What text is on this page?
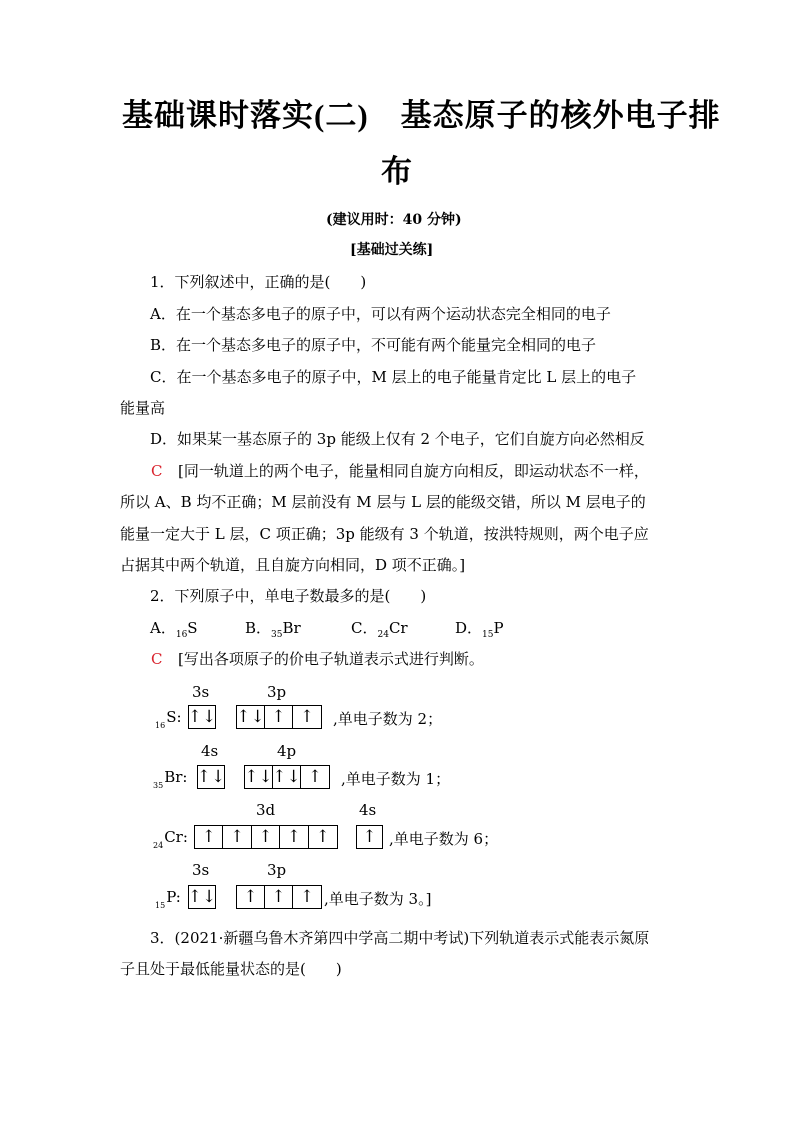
基础课时落实(二)　基态原子的核外电子排
布
(建议用时：40 分钟)
[基础过关练]
1．下列叙述中，正确的是(　　)
A．在一个基态多电子的原子中，可以有两个运动状态完全相同的电子
B．在一个基态多电子的原子中，不可能有两个能量完全相同的电子
C．在一个基态多电子的原子中，M 层上的电子能量肯定比 L 层上的电子
能量高
D．如果某一基态原子的 3p 能级上仅有 2 个电子，它们自旋方向必然相反
C [同一轨道上的两个电子，能量相同自旋方向相反，即运动状态不一样，
所以 A、B 均不正确；M 层前没有 M 层与 L 层的能级交错，所以 M 层电子的
能量一定大于 L 层，C 项正确；3p 能级有 3 个轨道，按洪特规则，两个电子应
占据其中两个轨道，且自旋方向相同，D 项不正确。]
2．下列原子中，单电子数最多的是(　　)
A．$_{16}$S	B．$_{35}$Br	C．$_{24}$Cr	D．$_{15}$P
C [写出各项原子的价电子轨道表示式进行判断。
3s	3p
$_{16}$S: ↑↓ ↑↓ ↑ ↑	,单电子数为 2；
4s	4p
$_{35}$Br: ↑↓ ↑↓ ↑↓ ↑	,单电子数为 1；
3d	4s
$_{24}$Cr: ↑ ↑ ↑ ↑ ↑	↑ ,单电子数为 6；
3s	3p
$_{15}$P: ↑↓	↑ ↑ ↑ ,单电子数为 3。]
3．(2021·新疆乌鲁木齐第四中学高二期中考试)下列轨道表示式能表示氮原
子且处于最低能量状态的是(　　)
